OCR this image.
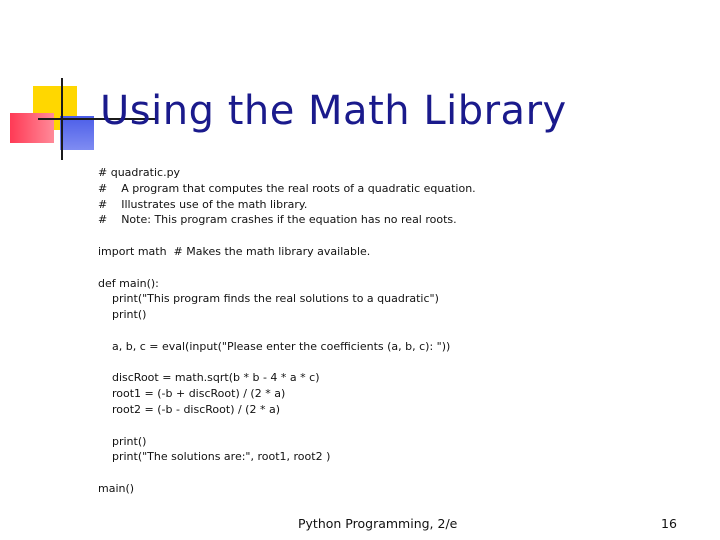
Using the Math Library
# quadratic.py
#    A program that computes the real roots of a quadratic equation.
#    Illustrates use of the math library.
#    Note: This program crashes if the equation has no real roots.
import math  # Makes the math library available.
def main():
print("This program finds the real solutions to a quadratic")
print()
a, b, c = eval(input("Please enter the coefficients (a, b, c): "))
discRoot = math.sqrt(b * b - 4 * a * c)
root1 = (-b + discRoot) / (2 * a)
root2 = (-b - discRoot) / (2 * a)
print()
print("The solutions are:", root1, root2 )
main()
Python Programming, 2/e	16
